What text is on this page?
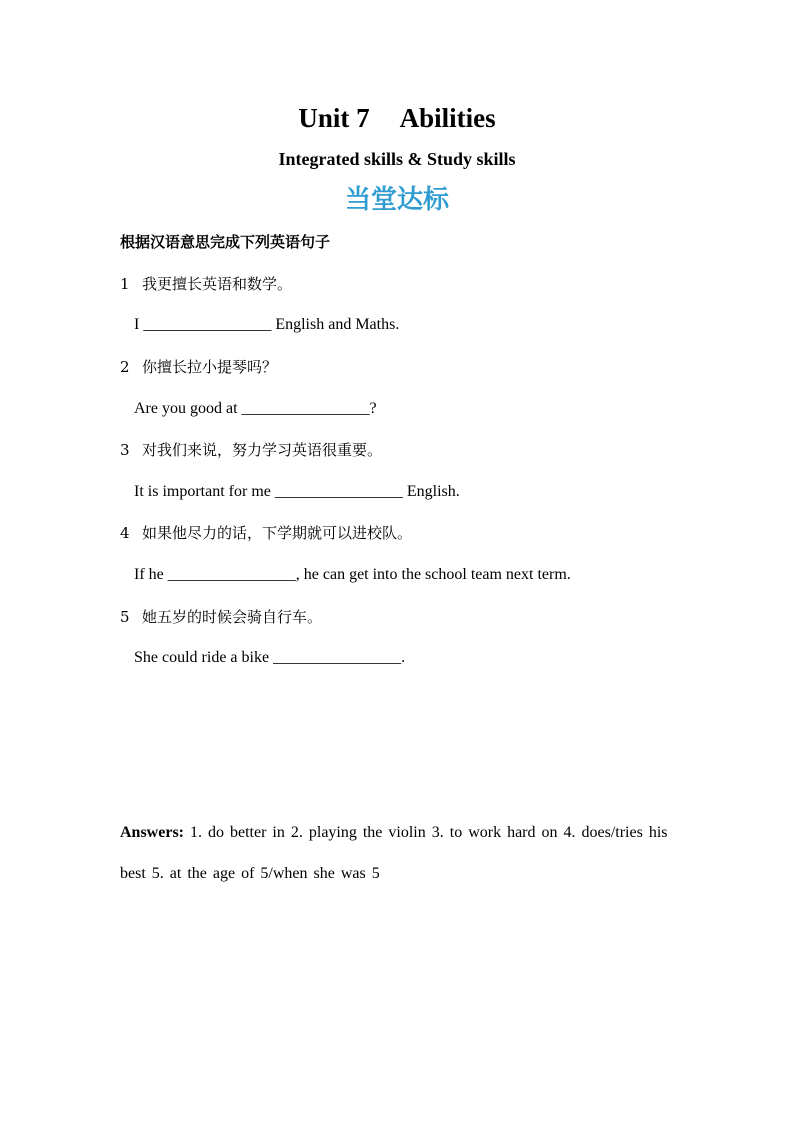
Unit 7 Abilities
Integrated skills & Study skills
当堂达标
根据汉语意思完成下列英语句子
1 我更擅长英语和数学。
I ________________ English and Maths.
2 你擅长拉小提琴吗？
Are you good at ________________?
3 对我们来说，努力学习英语很重要。
It is important for me ________________ English.
4 如果他尽力的话，下学期就可以进校队。
If he ________________, he can get into the school team next term.
5 她五岁的时候会骑自行车。
She could ride a bike ________________.
Answers: 1. do better in 2. playing the violin 3. to work hard on 4. does/tries his best 5. at the age of 5/when she was 5
